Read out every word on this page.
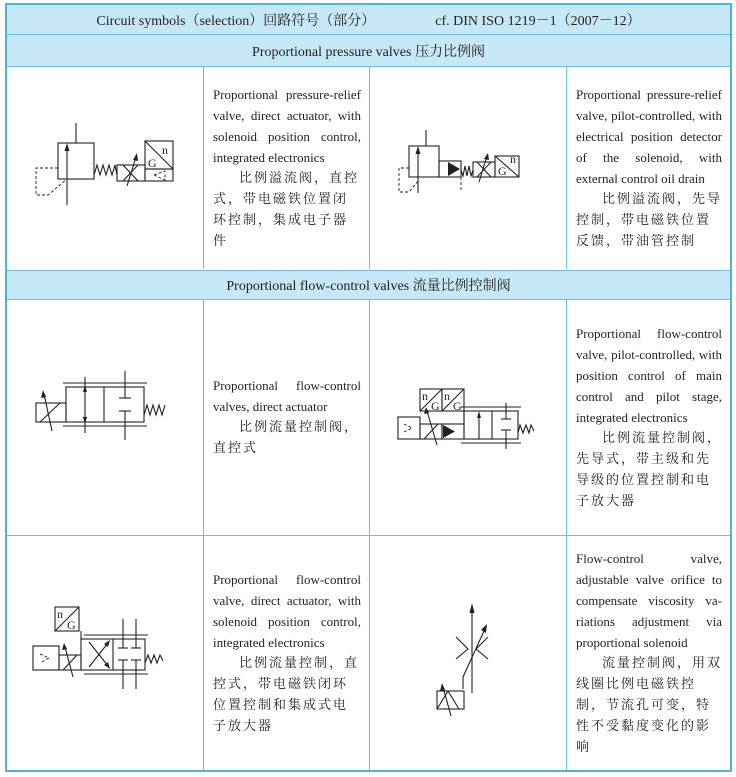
Circuit symbols（selection）回路符号（部分）	cf. DIN ISO 1219－1（2007－12）
Proportional pressure valves 压力比例阀
n
G
Proportional pressure-relief valve, direct actuator, with solenoid position control, integrated electronics
比例溢流阀，直控式，带电磁铁位置闭环控制，集成电子器件
n
G
Proportional pressure-relief valve, pilot-controlled, with electrical position detector of the solenoid, with external control oil drain
比例溢流阀，先导控制，带电磁铁位置反馈，带油管控制
Proportional flow-control valves 流量比例控制阀
Proportional flow-control valves, direct actuator
比例流量控制阀，直控式
n
G
n
G
Proportional flow-control valve, pilot-controlled, with position control of main control and pilot stage, integrated electronics
比例流量控制阀，先导式，带主级和先导级的位置控制和电子放大器
n
G
Proportional flow-control valve, direct actuator, with solenoid position control, integrated electronics
比例流量控制，直控式，带电磁铁闭环位置控制和集成式电子放大器
Flow-control valve, adjustable valve orifice to compensate viscosity va-riations adjustment via proportional solenoid
流量控制阀，用双线圈比例电磁铁控制，节流孔可变，特性不受黏度变化的影响
